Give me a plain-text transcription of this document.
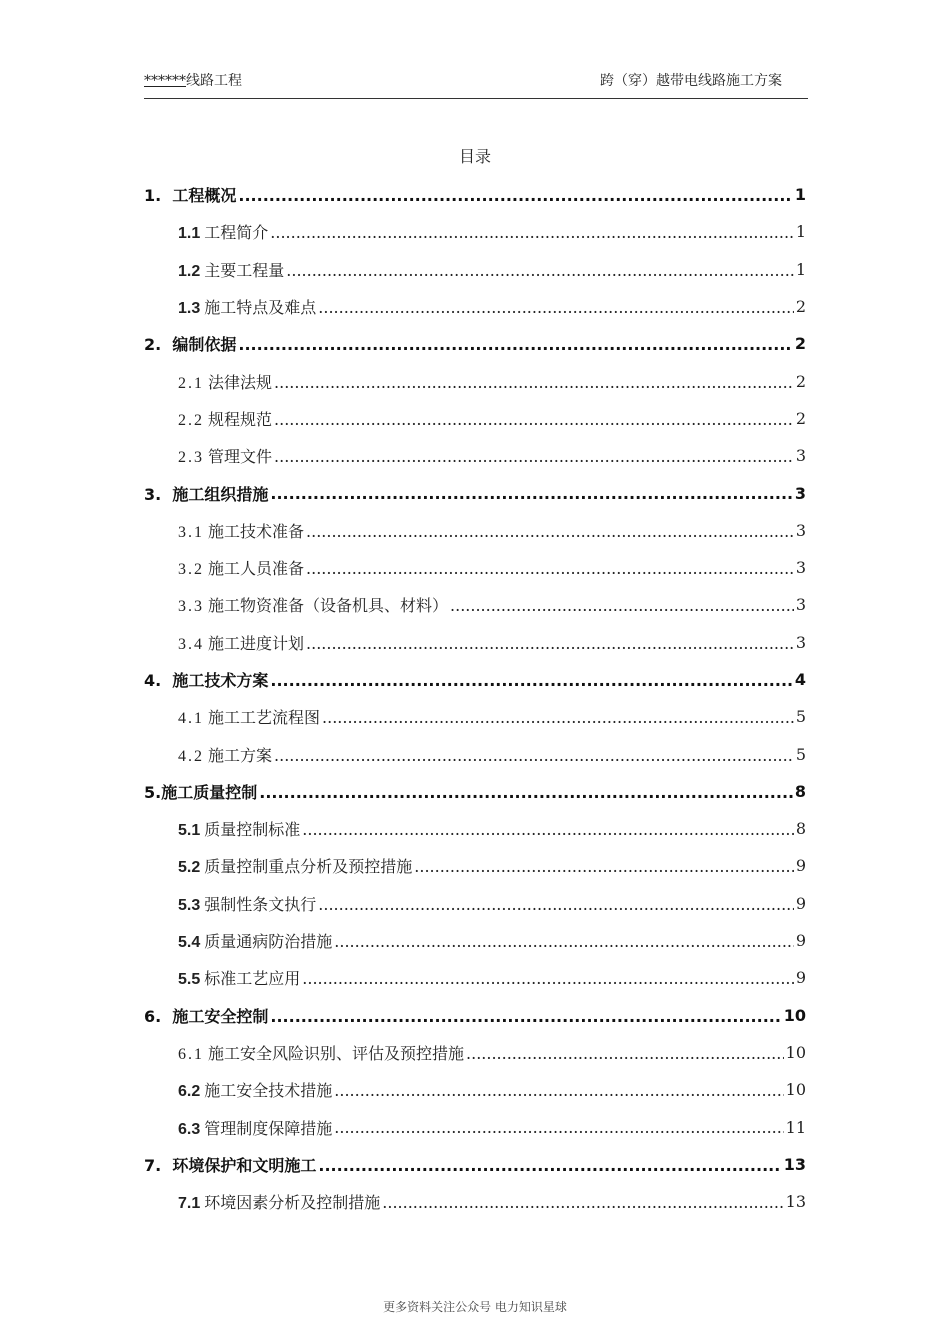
******线路工程	跨（穿）越带电线路施工方案
目录
1. 工程概况 .....	1
1.1 工程简介 .....	1
1.2 主要工程量 .....	1
1.3 施工特点及难点 .....	2
2. 编制依据 .....	2
2.1 法律法规 .....	2
2.2 规程规范 .....	2
2.3 管理文件 .....	3
3. 施工组织措施 .....	3
3.1 施工技术准备 .....	3
3.2 施工人员准备 .....	3
3.3 施工物资准备（设备机具、材料） .....	3
3.4 施工进度计划 .....	3
4. 施工技术方案 .....	4
4.1 施工工艺流程图 .....	5
4.2 施工方案 .....	5
5.施工质量控制 .....	8
5.1 质量控制标准 .....	8
5.2 质量控制重点分析及预控措施 .....	9
5.3 强制性条文执行 .....	9
5.4 质量通病防治措施 .....	9
5.5 标准工艺应用 .....	9
6. 施工安全控制 .....	10
6.1 施工安全风险识别、评估及预控措施 .....	10
6.2 施工安全技术措施 .....	10
6.3 管理制度保障措施 .....	11
7. 环境保护和文明施工 .....	13
7.1 环境因素分析及控制措施 .....	13
更多资料关注公众号 电力知识星球
